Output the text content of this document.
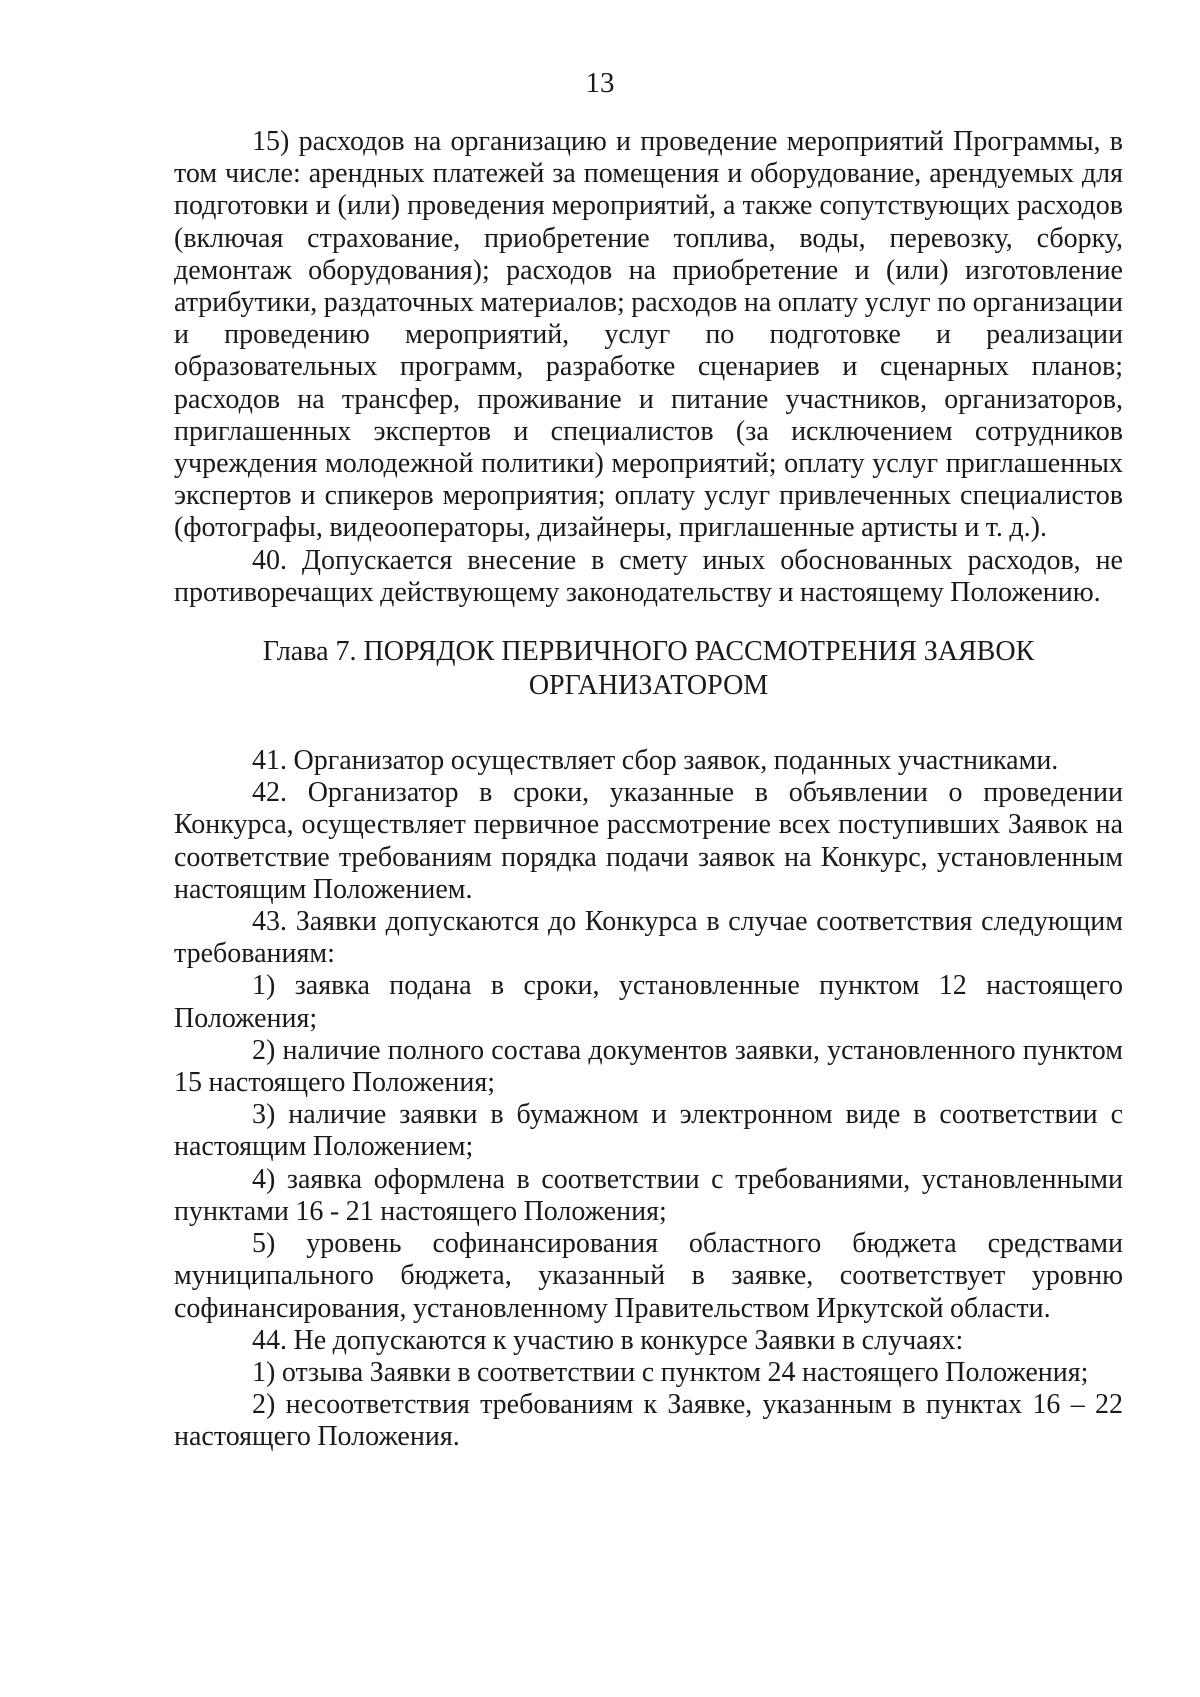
13

15) расходов на организацию и проведение мероприятий Программы, в том числе: арендных платежей за помещения и оборудование, арендуемых для подготовки и (или) проведения мероприятий, а также сопутствующих расходов (включая страхование, приобретение топлива, воды, перевозку, сборку, демонтаж оборудования); расходов на приобретение и (или) изготовление атрибутики, раздаточных материалов; расходов на оплату услуг по организации и проведению мероприятий, услуг по подготовке и реализации образовательных программ, разработке сценариев и сценарных планов; расходов на трансфер, проживание и питание участников, организаторов, приглашенных экспертов и специалистов (за исключением сотрудников учреждения молодежной политики) мероприятий; оплату услуг приглашенных экспертов и спикеров мероприятия; оплату услуг привлеченных специалистов (фотографы, видеооператоры, дизайнеры, приглашенные артисты и т. д.).

40. Допускается внесение в смету иных обоснованных расходов, не противоречащих действующему законодательству и настоящему Положению.

Глава 7. ПОРЯДОК ПЕРВИЧНОГО РАССМОТРЕНИЯ ЗАЯВОК
ОРГАНИЗАТОРОМ

41. Организатор осуществляет сбор заявок, поданных участниками.

42. Организатор в сроки, указанные в объявлении о проведении Конкурса, осуществляет первичное рассмотрение всех поступивших Заявок на соответствие требованиям порядка подачи заявок на Конкурс, установленным настоящим Положением.

43. Заявки допускаются до Конкурса в случае соответствия следующим требованиям:

1) заявка подана в сроки, установленные пунктом 12 настоящего Положения;

2) наличие полного состава документов заявки, установленного пунктом 15 настоящего Положения;

3) наличие заявки в бумажном и электронном виде в соответствии с настоящим Положением;

4) заявка оформлена в соответствии с требованиями, установленными пунктами 16 - 21 настоящего Положения;

5) уровень софинансирования областного бюджета средствами муниципального бюджета, указанный в заявке, соответствует уровню софинансирования, установленному Правительством Иркутской области.

44. Не допускаются к участию в конкурсе Заявки в случаях:

1) отзыва Заявки в соответствии с пунктом 24 настоящего Положения;

2) несоответствия требованиям к Заявке, указанным в пунктах 16 – 22 настоящего Положения.
